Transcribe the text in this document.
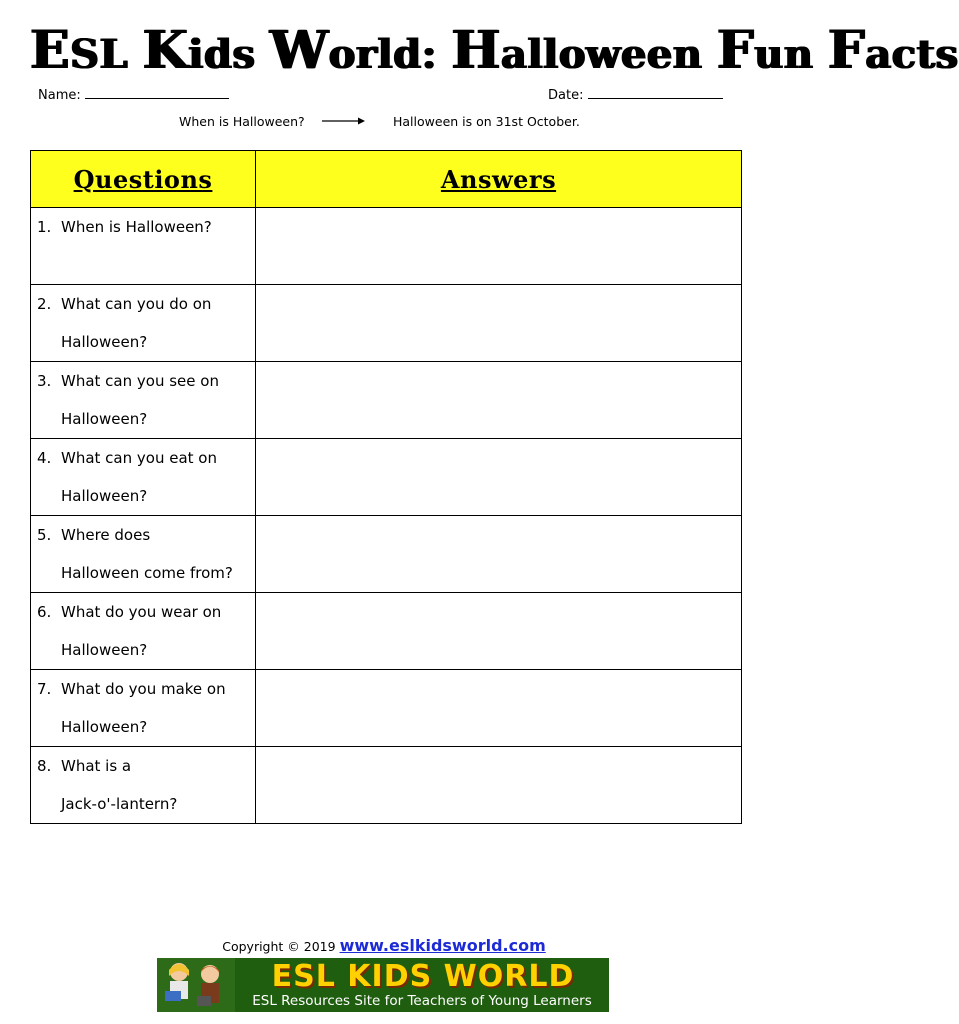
ESL Kids World: Halloween Fun Facts
Name:	Date:
When is Halloween?	Halloween is on 31st October.
Questions	Answers

1. When is Halloween?	

2. What can you do on
Halloween?	

3. What can you see on
Halloween?	

4. What can you eat on
Halloween?	

5. Where does
Halloween come from?	

6. What do you wear on
Halloween?	

7. What do you make on
Halloween?	

8. What is a
Jack-o'-lantern?	

Copyright © 2019 www.eslkidsworld.com
ESL KIDS WORLD
ESL Resources Site for Teachers of Young Learners
